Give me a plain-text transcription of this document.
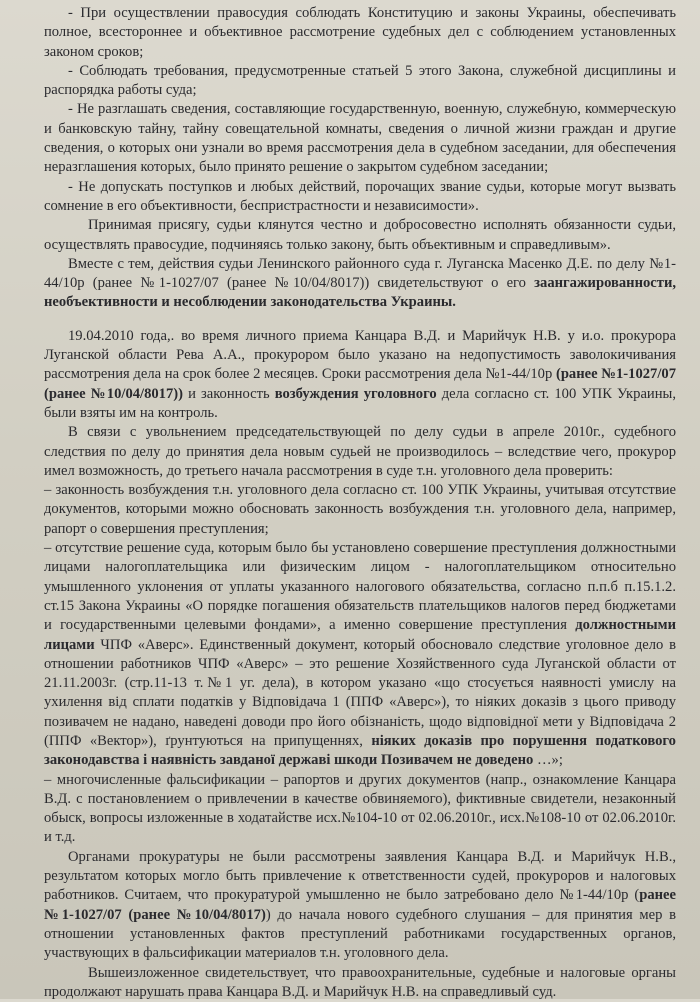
- При осуществлении правосудия соблюдать Конституцию и законы Украины, обеспечивать полное, всестороннее и объективное рассмотрение судебных дел с соблюдением установленных законом сроков;

- Соблюдать требования, предусмотренные статьей 5 этого Закона, служебной дисциплины и распорядка работы суда;

- Не разглашать сведения, составляющие государственную, военную, служебную, коммерческую и банковскую тайну, тайну совещательной комнаты, сведения о личной жизни граждан и другие сведения, о которых они узнали во время рассмотрения дела в судебном заседании, для обеспечения неразглашения которых, было принято решение о закрытом судебном заседании;

- Не допускать поступков и любых действий, порочащих звание судьи, которые могут вызвать сомнение в его объективности, беспристрастности и независимости».

Принимая присягу, судьи клянутся честно и добросовестно исполнять обязанности судьи, осуществлять правосудие, подчиняясь только закону, быть объективным и справедливым».

Вместе с тем, действия судьи Ленинского районного суда г. Луганска Масенко Д.Е. по делу №1-44/10р (ранее №1-1027/07 (ранее №10/04/8017)) свидетельствуют о его заангажированности, необъективности и несоблюдении законодательства Украины.

19.04.2010 года,. во время личного приема Канцара В.Д. и Марийчук Н.В. у и.о. прокурора Луганской области Рева А.А., прокурором было указано на недопустимость заволокичивания рассмотрения дела на срок более 2 месяцев. Сроки рассмотрения дела №1-44/10р (ранее №1-1027/07 (ранее №10/04/8017)) и законность возбуждения уголовного дела согласно ст. 100 УПК Украины, были взяты им на контроль.

В связи с увольнением председательствующей по делу судьи в апреле 2010г., судебного следствия по делу до принятия дела новым судьей не производилось – вследствие чего, прокурор имел возможность, до третьего начала рассмотрения в суде т.н. уголовного дела проверить:

– законность возбуждения т.н. уголовного дела согласно ст. 100 УПК Украины, учитывая отсутствие документов, которыми можно обосновать законность возбуждения т.н. уголовного дела, например, рапорт о совершения преступления;

– отсутствие решение суда, которым было бы установлено совершение преступления должностными лицами налогоплательщика или физическим лицом - налогоплательщиком относительно умышленного уклонения от уплаты указанного налогового обязательства, согласно п.п.б п.15.1.2. ст.15 Закона Украины «О порядке погашения обязательств плательщиков налогов перед бюджетами и государственными целевыми фондами», а именно совершение преступления должностными лицами ЧПФ «Аверс». Единственный документ, который обосновало следствие уголовное дело в отношении работников ЧПФ «Аверс» – это решение Хозяйственного суда Луганской области от 21.11.2003г. (стр.11-13 т.№1 уг. дела), в котором указано «що стосується наявності умислу на ухилення від сплати податків у Відповідача 1 (ППФ «Аверс»), то ніяких доказів з цього приводу позивачем не надано, наведені доводи про його обізнаність, щодо відповідної мети у Відповідача 2 (ППФ «Вектор»), ґрунтуються на припущеннях, ніяких доказів про порушення податкового законодавства і наявність завданої державі шкоди Позивачем не доведено …»;

– многочисленные фальсификации – рапортов и других документов (напр., ознакомление Канцара В.Д. с постановлением о привлечении в качестве обвиняемого), фиктивные свидетели, незаконный обыск, вопросы изложенные в ходатайстве исх.№104-10 от 02.06.2010г., исх.№108-10 от 02.06.2010г. и т.д.

Органами прокуратуры не были рассмотрены заявления Канцара В.Д. и Марийчук Н.В., результатом которых могло быть привлечение к ответственности судей, прокуроров и налоговых работников. Считаем, что прокуратурой умышленно не было затребовано дело №1-44/10р (ранее №1-1027/07 (ранее №10/04/8017)) до начала нового судебного слушания – для принятия мер в отношении установленных фактов преступлений работниками государственных органов, участвующих в фальсификации материалов т.н. уголовного дела.

Вышеизложенное свидетельствует, что правоохранительные, судебные и налоговые органы продолжают нарушать права Канцара В.Д. и Марийчук Н.В. на справедливый суд.
